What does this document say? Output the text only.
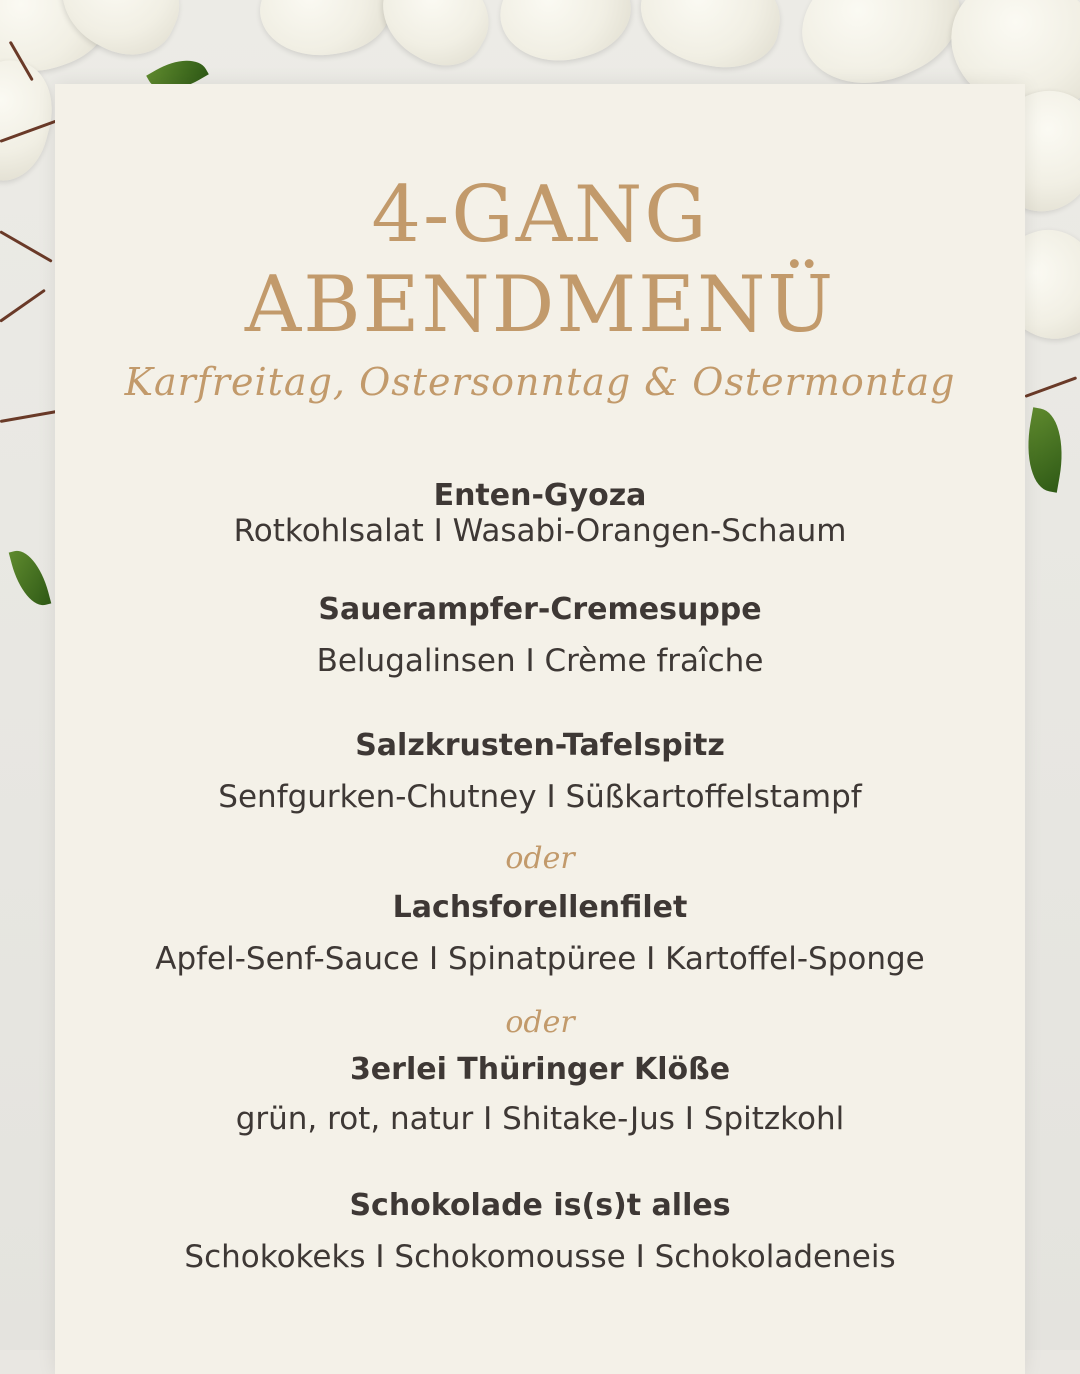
4-GANG
ABENDMENÜ
Karfreitag, Ostersonntag & Ostermontag

Enten-Gyoza

Rotkohlsalat I Wasabi-Orangen-Schaum

Sauerampfer-Cremesuppe

Belugalinsen I Crème fraîche

Salzkrusten-Tafelspitz

Senfgurken-Chutney I Süßkartoffelstampf

oder

Lachsforellenfilet

Apfel-Senf-Sauce I Spinatpüree I Kartoffel-Sponge

oder

3erlei Thüringer Klöße

grün, rot, natur I Shitake-Jus I Spitzkohl

Schokolade is(s)t alles

Schokokeks I Schokomousse I Schokoladeneis
